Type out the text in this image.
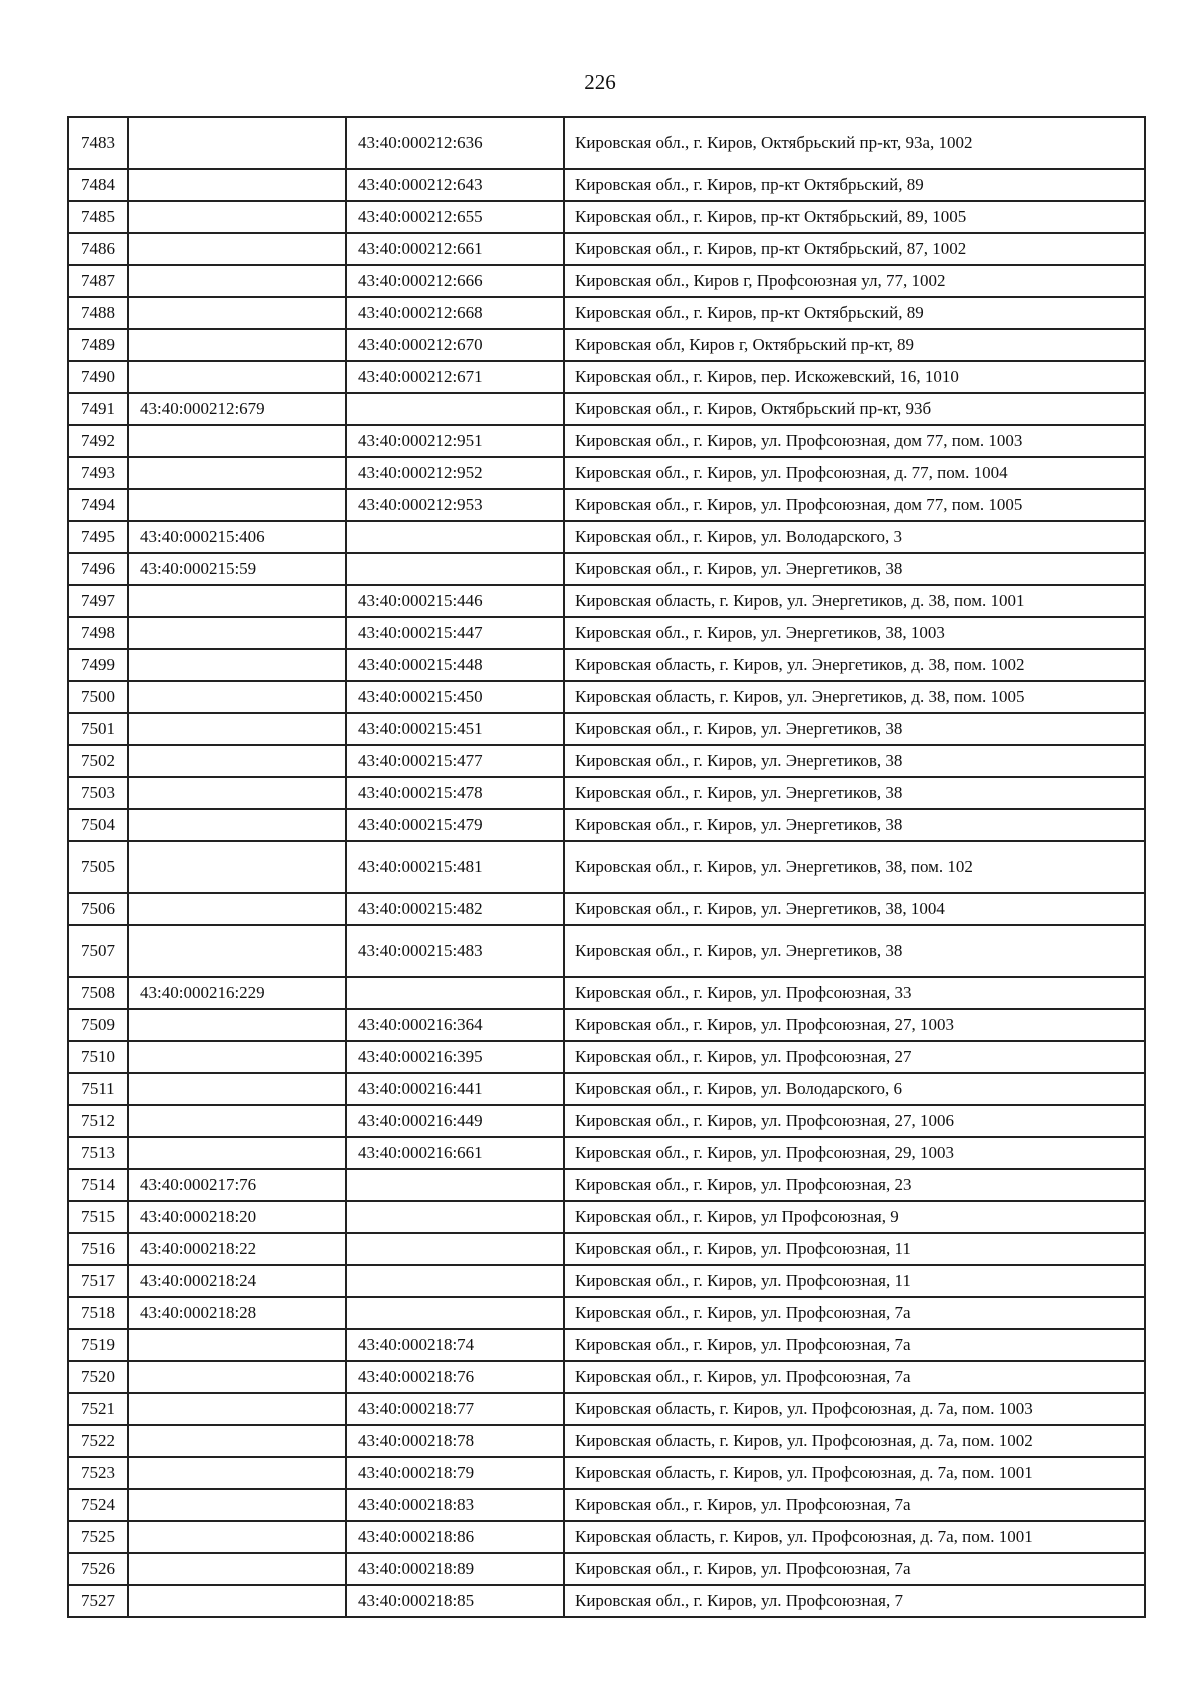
226
7483		43:40:000212:636	Кировская обл., г. Киров, Октябрьский пр-кт, 93а, 1002
7484		43:40:000212:643	Кировская обл., г. Киров, пр-кт Октябрьский, 89
7485		43:40:000212:655	Кировская обл., г. Киров, пр-кт Октябрьский, 89, 1005
7486		43:40:000212:661	Кировская обл., г. Киров, пр-кт Октябрьский, 87, 1002
7487		43:40:000212:666	Кировская обл., Киров г, Профсоюзная ул, 77, 1002
7488		43:40:000212:668	Кировская обл., г. Киров, пр-кт Октябрьский, 89
7489		43:40:000212:670	Кировская обл, Киров г, Октябрьский пр-кт, 89
7490		43:40:000212:671	Кировская обл., г. Киров, пер. Искожевский, 16, 1010
7491	43:40:000212:679		Кировская обл., г. Киров, Октябрьский пр-кт, 93б
7492		43:40:000212:951	Кировская обл., г. Киров, ул. Профсоюзная, дом 77, пом. 1003
7493		43:40:000212:952	Кировская обл., г. Киров, ул. Профсоюзная, д. 77, пом. 1004
7494		43:40:000212:953	Кировская обл., г. Киров, ул. Профсоюзная, дом 77, пом. 1005
7495	43:40:000215:406		Кировская обл., г. Киров, ул. Володарского, 3
7496	43:40:000215:59		Кировская обл., г. Киров, ул. Энергетиков, 38
7497		43:40:000215:446	Кировская область, г. Киров, ул. Энергетиков, д. 38, пом. 1001
7498		43:40:000215:447	Кировская обл., г. Киров, ул. Энергетиков, 38, 1003
7499		43:40:000215:448	Кировская область, г. Киров, ул. Энергетиков, д. 38, пом. 1002
7500		43:40:000215:450	Кировская область, г. Киров, ул. Энергетиков, д. 38, пом. 1005
7501		43:40:000215:451	Кировская обл., г. Киров, ул. Энергетиков, 38
7502		43:40:000215:477	Кировская обл., г. Киров, ул. Энергетиков, 38
7503		43:40:000215:478	Кировская обл., г. Киров, ул. Энергетиков, 38
7504		43:40:000215:479	Кировская обл., г. Киров, ул. Энергетиков, 38
7505		43:40:000215:481	Кировская обл., г. Киров, ул. Энергетиков, 38, пом. 102
7506		43:40:000215:482	Кировская обл., г. Киров, ул. Энергетиков, 38, 1004
7507		43:40:000215:483	Кировская обл., г. Киров, ул. Энергетиков, 38
7508	43:40:000216:229		Кировская обл., г. Киров, ул. Профсоюзная, 33
7509		43:40:000216:364	Кировская обл., г. Киров, ул. Профсоюзная, 27, 1003
7510		43:40:000216:395	Кировская обл., г. Киров, ул. Профсоюзная, 27
7511		43:40:000216:441	Кировская обл., г. Киров, ул. Володарского, 6
7512		43:40:000216:449	Кировская обл., г. Киров, ул. Профсоюзная, 27, 1006
7513		43:40:000216:661	Кировская обл., г. Киров, ул. Профсоюзная, 29, 1003
7514	43:40:000217:76		Кировская обл., г. Киров, ул. Профсоюзная, 23
7515	43:40:000218:20		Кировская обл., г. Киров, ул Профсоюзная, 9
7516	43:40:000218:22		Кировская обл., г. Киров, ул. Профсоюзная, 11
7517	43:40:000218:24		Кировская обл., г. Киров, ул. Профсоюзная, 11
7518	43:40:000218:28		Кировская обл., г. Киров, ул. Профсоюзная, 7а
7519		43:40:000218:74	Кировская обл., г. Киров, ул. Профсоюзная, 7а
7520		43:40:000218:76	Кировская обл., г. Киров, ул. Профсоюзная, 7а
7521		43:40:000218:77	Кировская область, г. Киров, ул. Профсоюзная, д. 7а, пом. 1003
7522		43:40:000218:78	Кировская область, г. Киров, ул. Профсоюзная, д. 7а, пом. 1002
7523		43:40:000218:79	Кировская область, г. Киров, ул. Профсоюзная, д. 7а, пом. 1001
7524		43:40:000218:83	Кировская обл., г. Киров, ул. Профсоюзная, 7а
7525		43:40:000218:86	Кировская область, г. Киров, ул. Профсоюзная, д. 7а, пом. 1001
7526		43:40:000218:89	Кировская обл., г. Киров, ул. Профсоюзная, 7а
7527		43:40:000218:85	Кировская обл., г. Киров, ул. Профсоюзная, 7
